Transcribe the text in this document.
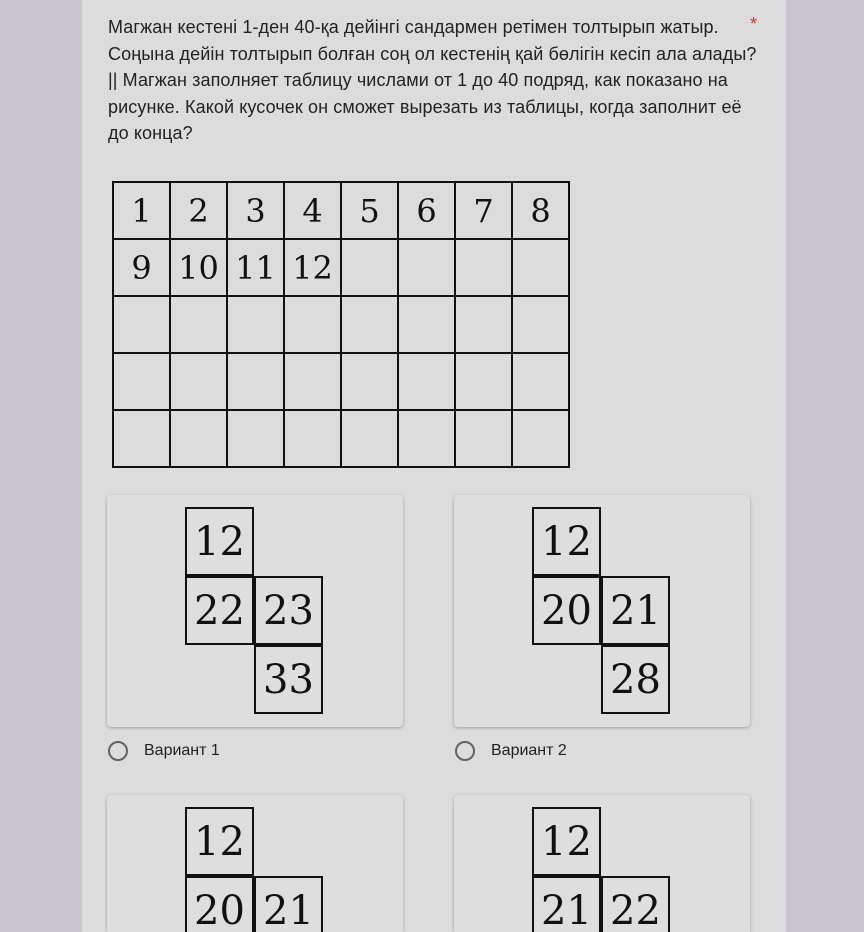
Магжан кестені 1-ден 40-қа дейінгі сандармен ретімен толтырып жатыр. Соңына дейін толтырып болған соң ол кестенің қай бөлігін кесіп ала алады? || Магжан заполняет таблицу числами от 1 до 40 подряд, как показано на рисунке. Какой кусочек он сможет вырезать из таблицы, когда заполнит её до конца?
*
1	2	3	4	5	6	7	8
9	10	11	12				

12
22 23
33
Вариант 1
12
20 21
28
Вариант 2
12
20 21
12
21 22
